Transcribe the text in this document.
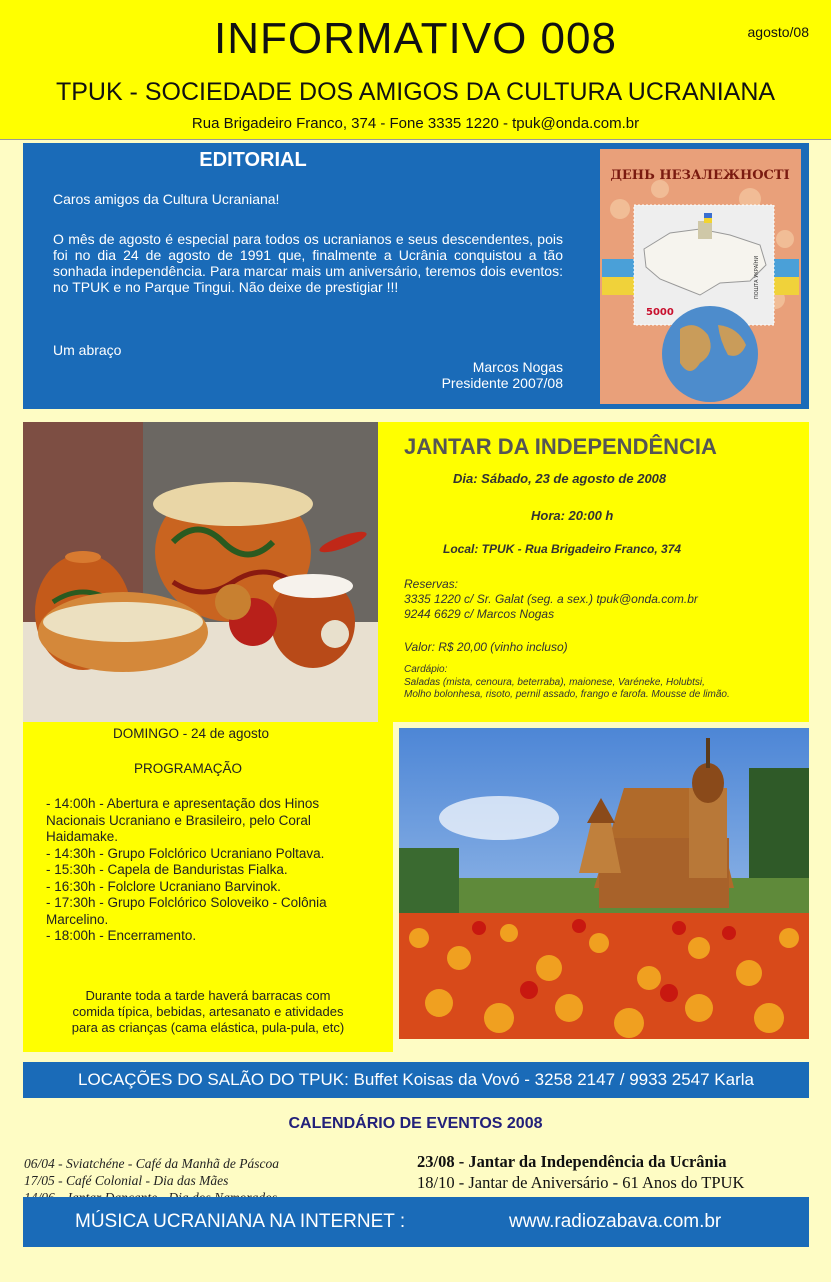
INFORMATIVO 008	agosto/08
TPUK - SOCIEDADE DOS AMIGOS DA CULTURA UCRANIANA
Rua Brigadeiro Franco, 374 - Fone 3335 1220 - tpuk@onda.com.br
EDITORIAL
Caros amigos da Cultura Ucraniana!
O mês de agosto é especial para todos os ucranianos e seus descendentes, pois foi no dia 24 de agosto de 1991 que, finalmente a Ucrânia conquistou a tão sonhada independência. Para marcar mais um aniversário, teremos dois eventos: no TPUK e no Parque Tingui. Não deixe de prestigiar !!!
Um abraço
Marcos Nogas
Presidente 2007/08
ДЕНЬ НЕЗАЛЕЖНОСТІ
5000
ПОШТА УКРАЇНИ
JANTAR DA INDEPENDÊNCIA
Dia: Sábado, 23 de agosto de 2008
Hora: 20:00 h
Local: TPUK - Rua Brigadeiro Franco, 374
Reservas:
3335 1220 c/ Sr. Galat (seg. a sex.) tpuk@onda.com.br
9244 6629 c/ Marcos Nogas
Valor: R$ 20,00 (vinho incluso)
Cardápio:
Saladas (mista, cenoura, beterraba), maionese, Varéneke, Holubtsi,
Molho bolonhesa, risoto, pernil assado, frango e farofa. Mousse de limão.
DOMINGO - 24 de agosto
PROGRAMAÇÃO
- 14:00h - Abertura e apresentação dos Hinos
Nacionais Ucraniano e Brasileiro, pelo Coral
Haidamake.
- 14:30h - Grupo Folclórico Ucraniano Poltava.
- 15:30h - Capela de Banduristas Fialka.
- 16:30h - Folclore Ucraniano Barvinok.
- 17:30h - Grupo Folclórico Soloveiko - Colônia
Marcelino.
- 18:00h - Encerramento.
Durante toda a tarde haverá barracas com
comida típica, bebidas, artesanato e atividades
para as crianças (cama elástica, pula-pula, etc)
LOCAÇÕES DO SALÃO DO TPUK: Buffet Koisas da Vovó - 3258 2147 / 9933 2547 Karla
CALENDÁRIO DE EVENTOS 2008
06/04 - Sviatchéne - Café da Manhã de Páscoa
17/05 - Café Colonial - Dia das Mães
23/08 - Jantar da Independência da Ucrânia
18/10 - Jantar de Aniversário - 61 Anos do TPUK
MÚSICA UCRANIANA NA INTERNET :	www.radiozabava.com.br
